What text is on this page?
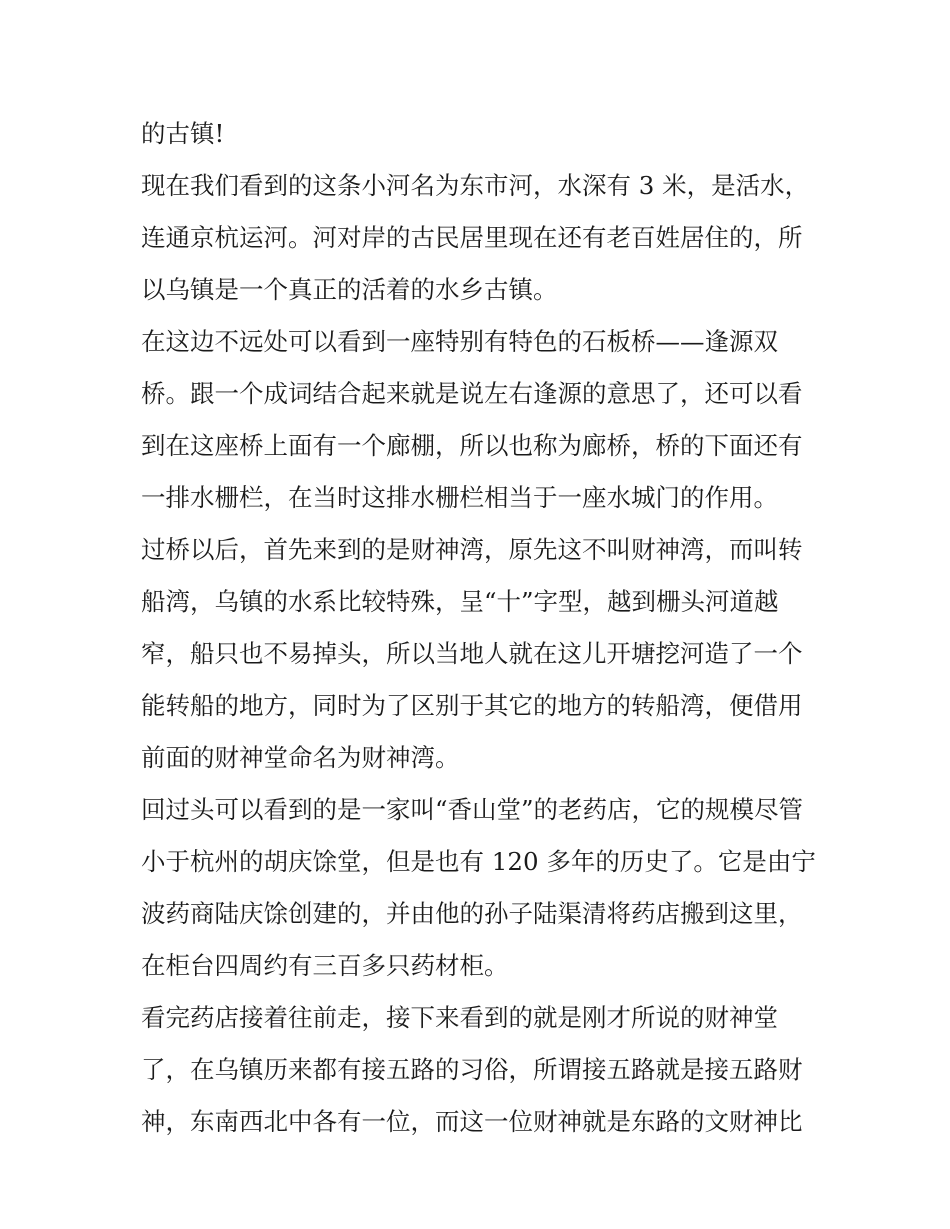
的古镇!
现在我们看到的这条小河名为东市河，水深有 3 米，是活水，
连通京杭运河。河对岸的古民居里现在还有老百姓居住的，所
以乌镇是一个真正的活着的水乡古镇。
在这边不远处可以看到一座特别有特色的石板桥——逢源双
桥。跟一个成词结合起来就是说左右逢源的意思了，还可以看
到在这座桥上面有一个廊棚，所以也称为廊桥，桥的下面还有
一排水栅栏，在当时这排水栅栏相当于一座水城门的作用。
过桥以后，首先来到的是财神湾，原先这不叫财神湾，而叫转
船湾，乌镇的水系比较特殊，呈“十”字型，越到栅头河道越
窄，船只也不易掉头，所以当地人就在这儿开塘挖河造了一个
能转船的地方，同时为了区别于其它的地方的转船湾，便借用
前面的财神堂命名为财神湾。
回过头可以看到的是一家叫“香山堂”的老药店，它的规模尽管
小于杭州的胡庆馀堂，但是也有 120 多年的历史了。它是由宁
波药商陆庆馀创建的，并由他的孙子陆渠清将药店搬到这里，
在柜台四周约有三百多只药材柜。
看完药店接着往前走，接下来看到的就是刚才所说的财神堂
了，在乌镇历来都有接五路的习俗，所谓接五路就是接五路财
神，东南西北中各有一位，而这一位财神就是东路的文财神比
